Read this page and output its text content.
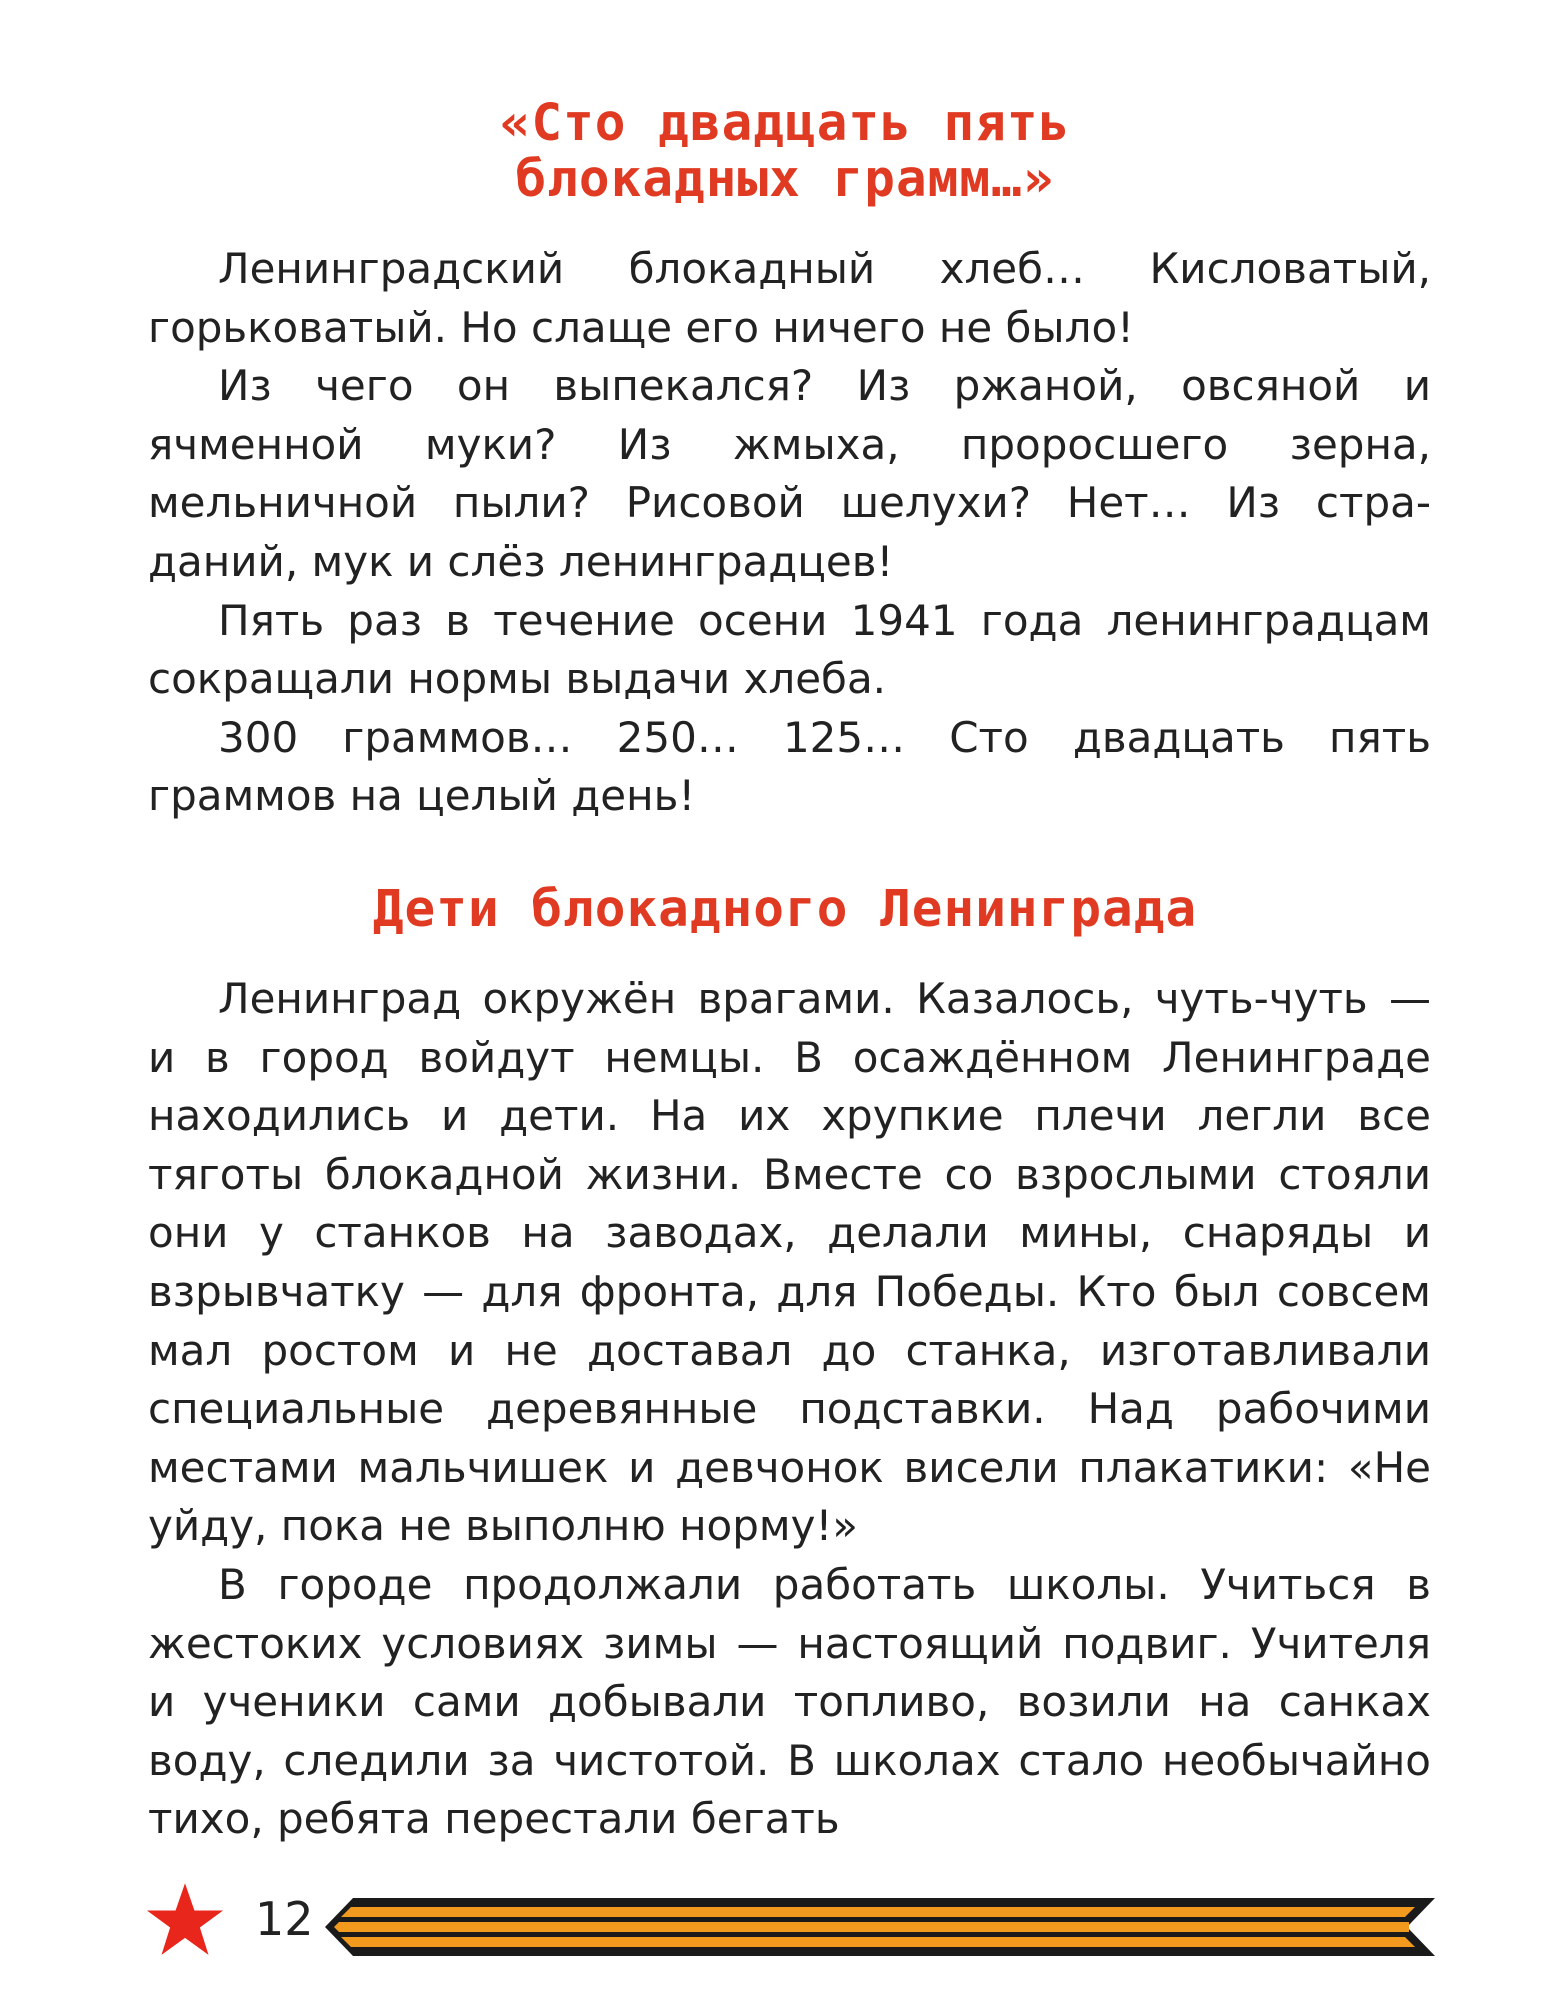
«Сто двадцать пять
блокадных грамм…»

Ленинградский блокадный хлеб… Кисловатый, горьковатый. Но слаще его ничего не было!

Из чего он выпекался? Из ржаной, овсяной и ячменной муки? Из жмыха, проросшего зерна, мельничной пыли? Рисовой шелухи? Нет… Из страданий, мук и слёз ленинградцев!

Пять раз в течение осени 1941 года ленинградцам сокращали нормы выдачи хлеба.

300 граммов… 250… 125… Сто двадцать пять граммов на целый день!

Дети блокадного Ленинграда

Ленинград окружён врагами. Казалось, чуть-чуть — и в город войдут немцы. В осаждённом Ленинграде находились и дети. На их хрупкие плечи легли все тяготы блокадной жизни. Вместе со взрослыми стояли они у станков на заводах, делали мины, снаряды и взрывчатку — для фронта, для Победы. Кто был совсем мал ростом и не доставал до станка, изготавливали специальные деревянные подставки. Над рабочими местами мальчишек и девчонок висели плакатики: «Не уйду, пока не выполню норму!»

В городе продолжали работать школы. Учиться в жестоких условиях зимы — настоящий подвиг. Учителя и ученики сами добывали топливо, возили на санках воду, следили за чистотой. В школах стало необычайно тихо, ребята перестали бегать

12
